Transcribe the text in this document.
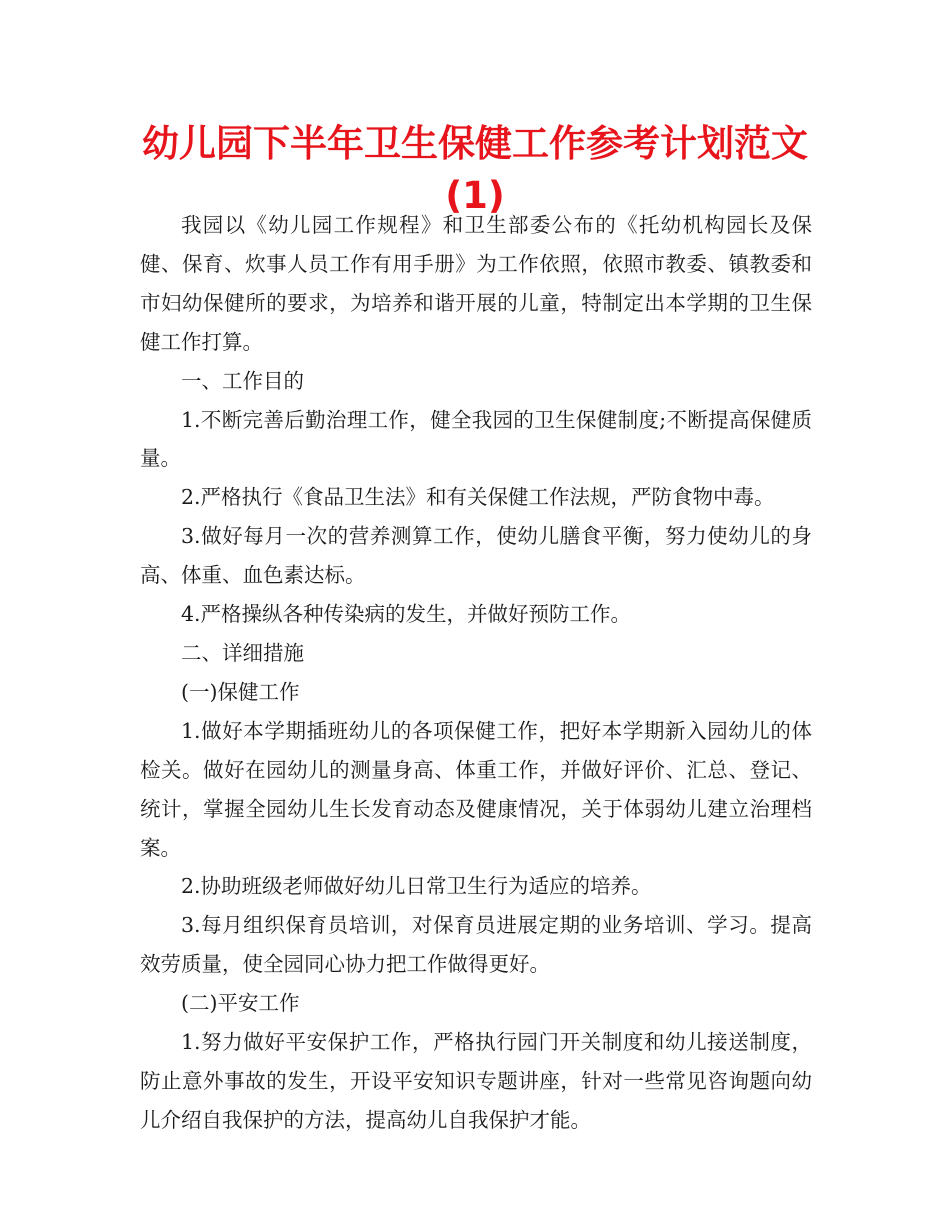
幼儿园下半年卫生保健工作参考计划范文(1)

我园以《幼儿园工作规程》和卫生部委公布的《托幼机构园长及保健、保育、炊事人员工作有用手册》为工作依照，依照市教委、镇教委和市妇幼保健所的要求，为培养和谐开展的儿童，特制定出本学期的卫生保健工作打算。

一、工作目的

1.不断完善后勤治理工作，健全我园的卫生保健制度;不断提高保健质量。

2.严格执行《食品卫生法》和有关保健工作法规，严防食物中毒。

3.做好每月一次的营养测算工作，使幼儿膳食平衡，努力使幼儿的身高、体重、血色素达标。

4.严格操纵各种传染病的发生，并做好预防工作。

二、详细措施

(一)保健工作

1.做好本学期插班幼儿的各项保健工作，把好本学期新入园幼儿的体检关。做好在园幼儿的测量身高、体重工作，并做好评价、汇总、登记、统计，掌握全园幼儿生长发育动态及健康情况，关于体弱幼儿建立治理档案。

2.协助班级老师做好幼儿日常卫生行为适应的培养。

3.每月组织保育员培训，对保育员进展定期的业务培训、学习。提高效劳质量，使全园同心协力把工作做得更好。

(二)平安工作

1.努力做好平安保护工作，严格执行园门开关制度和幼儿接送制度，防止意外事故的发生，开设平安知识专题讲座，针对一些常见咨询题向幼儿介绍自我保护的方法，提高幼儿自我保护才能。
